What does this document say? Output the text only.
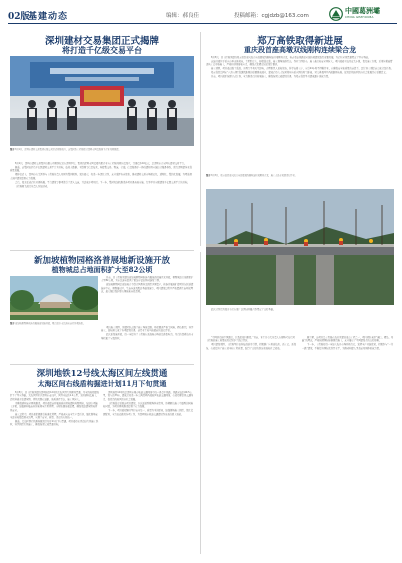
02版
基建动态	编辑：郝良佳	投稿邮箱：cgjdzb@163.com
中國葛洲壩
CHINA GEZHOUBA
深圳建材交易集团正式揭牌
将打造千亿级交易平台
图为 8月1日，深圳市建材交易集团有限公司正式揭牌成立，该集团系工程局联合深圳市国资委旗下企业共同组建。

8月1日，深圳市建材交易集团有限公司揭牌仪式在深圳举行。集团由深圳市国资委所属企业与工程局共同出资设立，注册资本10亿元，是深圳市首家国有建材交易平台。

据悉，该集团以打造千亿级建材交易平台为目标，依托大数据、互联网等信息技术，构建集交易、物流、金融、信息服务于一体的建材供应链综合服务体系，助力深圳建筑业高质量发展。

揭牌仪式上，深圳市有关领导与工程局负责人共同为集团揭牌。双方表示，将进一步深化合作，充分发挥各自优势，推动建材交易市场规范化、透明化、集约化发展，为粤港澳大湾区建设提供有力保障。

会后，双方还就后续业务拓展、平台建设等事项进行了深入交流，并达成多项共识。下一步，集团将加快推进各项业务落地实施，力争早日实现建设千亿级交易平台的目标。

工程局相关部门负责人参加活动。

郑万高铁取得新进展
重庆段首座高墩双线刚构连续梁合龙

8月3日，由工程局承建的郑万高铁重庆段首座高墩双线刚构连续梁顺利合龙，标志着该线路重庆段桥梁建设取得重要进展，为后续全线贯通奠定了坚实基础。

该连续梁位于重庆市巫山县境内，主跨跨度大，桥墩高度高，施工现场地形复杂，作业空间狭小，施工难度和安全风险大。项目部成立技术攻关小组，优化施工方案，采用挂篮悬臂浇筑工艺对称施工，严格控制线形和应力，确保合龙精度满足设计要求。

施工期间，项目部克服了高温、多雨等不利天气影响，合理组织人员和设备，科学安排工序，实行24小时不间断作业，在确保安全和质量的前提下，比计划工期提前完成合龙任务。

郑万高铁是国家“八纵八横”高速铁路网的重要组成部分，建成后将大大缩短郑州与重庆间的时空距离，对完善我国中西部路网布局、促进沿线地区经济社会发展具有重要意义。

目前，项目部正按照节点计划，全力推进后续桥梁施工，确保按期完成建设任务，为郑万高铁早日建成通车贡献力量。

图为 8月3日，郑万高铁重庆段首座高墩双线刚构连续梁顺利合龙，施工人员在梁顶进行作业。

此次合作也为双方今后在更广泛领域开展合作奠定了良好基础。

新加坡植物园格洛普展地新设施开放
植物城总占地面积扩大至82公顷

日前，由工程局承建的新加坡植物园格洛普展地新设施正式开放，植物城总占地面积扩大至82公顷，为市民游客提供了更加丰富的休闲游览空间。

新加坡植物园是新加坡首个联合国教科文组织世界遗产，格洛普展地扩建项目包括新建游客中心、植物展示区、生态步道及配套基础设施等，项目建设过程中严格遵循生态环保理念，最大限度保护原有植被和自然景观。

图为 新加坡植物园格洛普展地新设施开放，吸引众多市民游客前往参观游览。

项目施工期间，参建团队克服了施工场地受限、环保要求严格等困难，精心组织、科学施工，高标准完成了各项建设任务，获得业主和当地政府的高度评价。

此次新设施开放，进一步提升了工程局在新加坡市场的品牌影响力，为后续深耕海外市场积累了宝贵经验。

深圳地铁12号线太海区间左线贯通
太海区间右线盾构掘进计划11月下旬贯通

8月5日，由工程局承建的深圳地铁12号线太海区间左线顺利贯通，为全线按期建成打下了坚实基础。太海区间位于深圳市南山区，区间全长约1.2公里，采用盾构法施工，沿线穿越多处建筑物、管线及既有道路，地质条件复杂，施工风险大。

为确保盾构安全顺利掘进，项目部提前开展地质补勘和建构筑物调查，编制专项施工方案，加强盾构姿态控制和同步注浆管理，实时监测地表沉降，确保周边建筑物和管线安全。

施工过程中，项目部积极推行标准化管理，严格落实安全生产责任制，强化现场安全巡查和隐患排查治理，实现了安全、质量、进度的有机统一。

据悉，太海区间右线盾构掘进计划于11月下旬贯通。项目部将认真总结左线施工经验，科学组织右线施工，确保按期完成贯通目标。

深圳地铁12号线是深圳市城市轨道交通网络中的一条骨干线路，线路全长约40.5公里，设车站33座，建成后将进一步完善深圳西部地区轨道交通网络，有效缓解沿线交通压力，促进沿线地区经济社会发展。

工程局高度重视该项目建设，多次派员到现场检查指导，协调解决施工中遇到的困难和问题，为项目顺利推进提供了有力保障。

下一步，项目部将继续坚持安全第一、质量为本的原则，加强现场施工组织，优化资源配置，全力以赴推进各项工作，为深圳城市轨道交通建设作出新的更大贡献。

“中国制造和中国速度，让我们刮目相看。”目前，业主方有关负责人在现场考察后对工程局的施工质量和进度给予了高度评价。

项目建设期间，工程局坚持以科技创新为引领，积极推广应用新技术、新工艺、新设备，有效提升了施工效率和工程质量，取得了良好的经济效益和社会效益。

据了解，该项目是工程局在海外承建的重点工程之一，项目团队秉承“诚信、精品、共赢”的理念，严格按照国际标准组织施工，充分展示了中国建设者的良好形象。

下一步，工程局将进一步加大海外市场开拓力度，发挥全产业链优势，积极参与“一带一路”建设，不断提升国际化经营水平，为推动构建人类命运共同体贡献力量。
